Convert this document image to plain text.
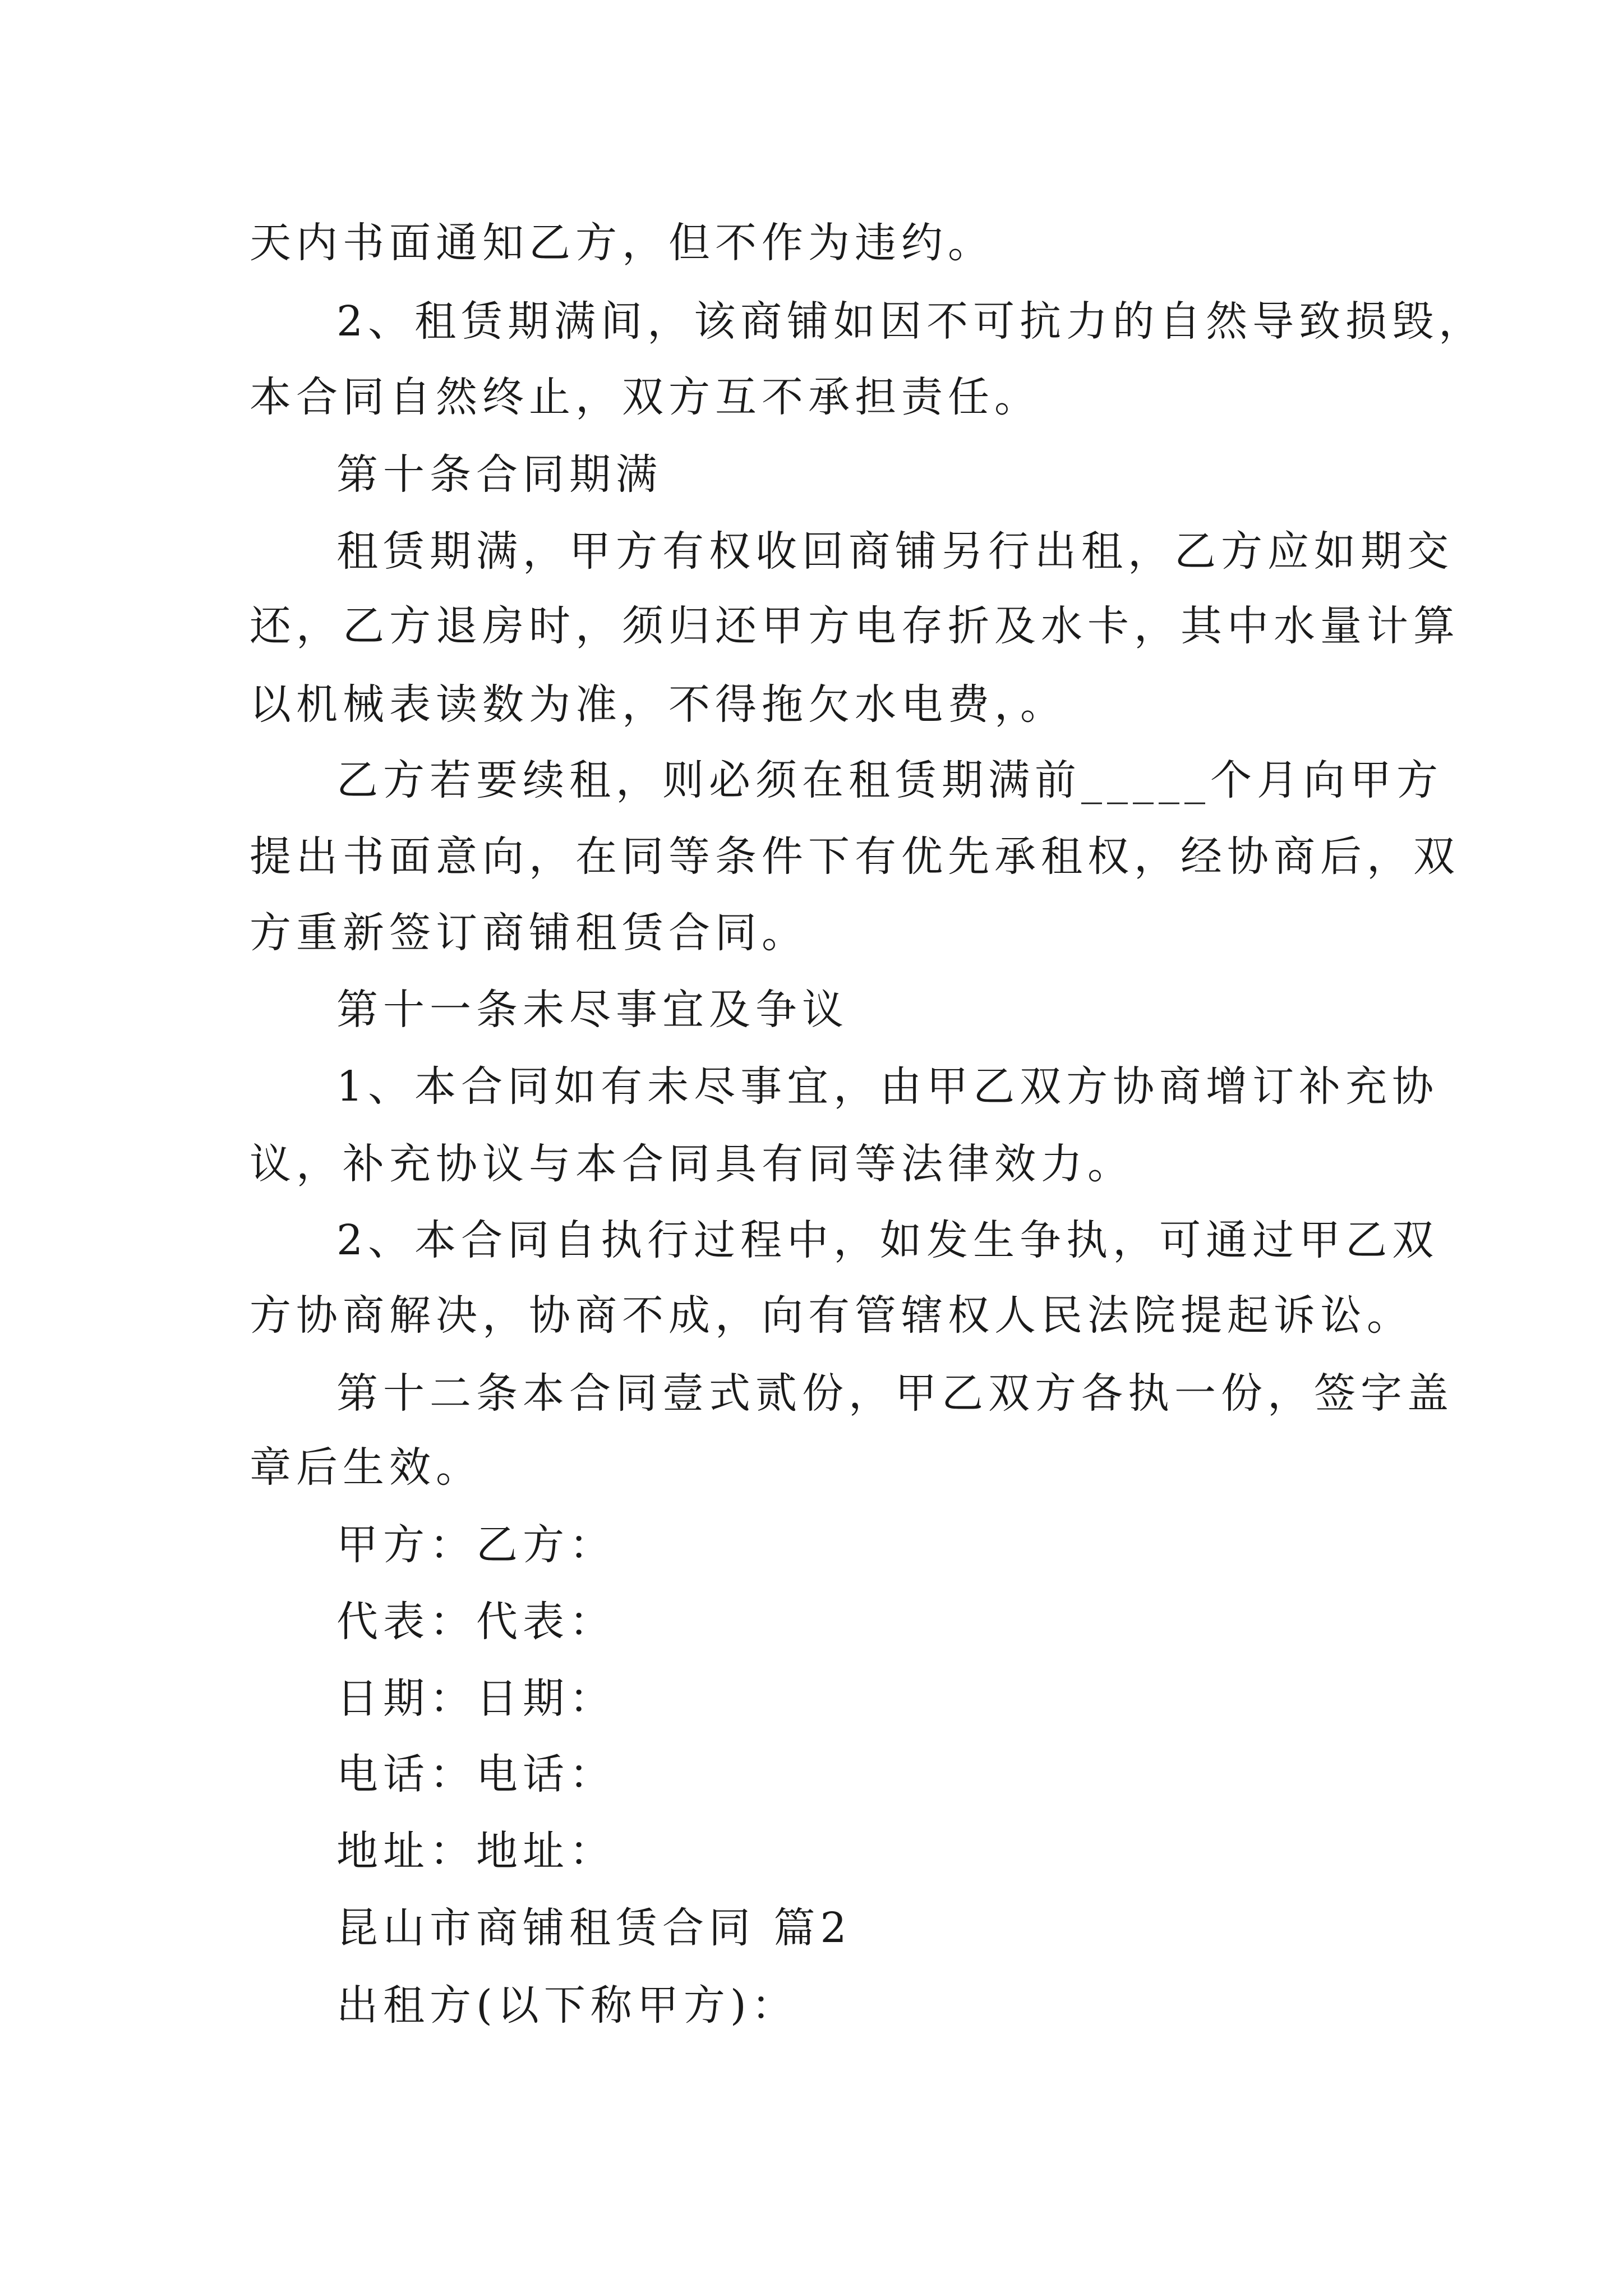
天内书面通知乙方，但不作为违约。
2、租赁期满间，该商铺如因不可抗力的自然导致损毁，
本合同自然终止，双方互不承担责任。
第十条合同期满
租赁期满，甲方有权收回商铺另行出租，乙方应如期交
还，乙方退房时，须归还甲方电存折及水卡，其中水量计算
以机械表读数为准，不得拖欠水电费，。
乙方若要续租，则必须在租赁期满前_____个月向甲方
提出书面意向，在同等条件下有优先承租权，经协商后，双
方重新签订商铺租赁合同。
第十一条未尽事宜及争议
1、本合同如有未尽事宜，由甲乙双方协商增订补充协
议，补充协议与本合同具有同等法律效力。
2、本合同自执行过程中，如发生争执，可通过甲乙双
方协商解决，协商不成，向有管辖权人民法院提起诉讼。
第十二条本合同壹式贰份，甲乙双方各执一份，签字盖
章后生效。
甲方：乙方：
代表：代表：
日期：日期：
电话：电话：
地址：地址：
昆山市商铺租赁合同 篇2
出租方(以下称甲方)：
